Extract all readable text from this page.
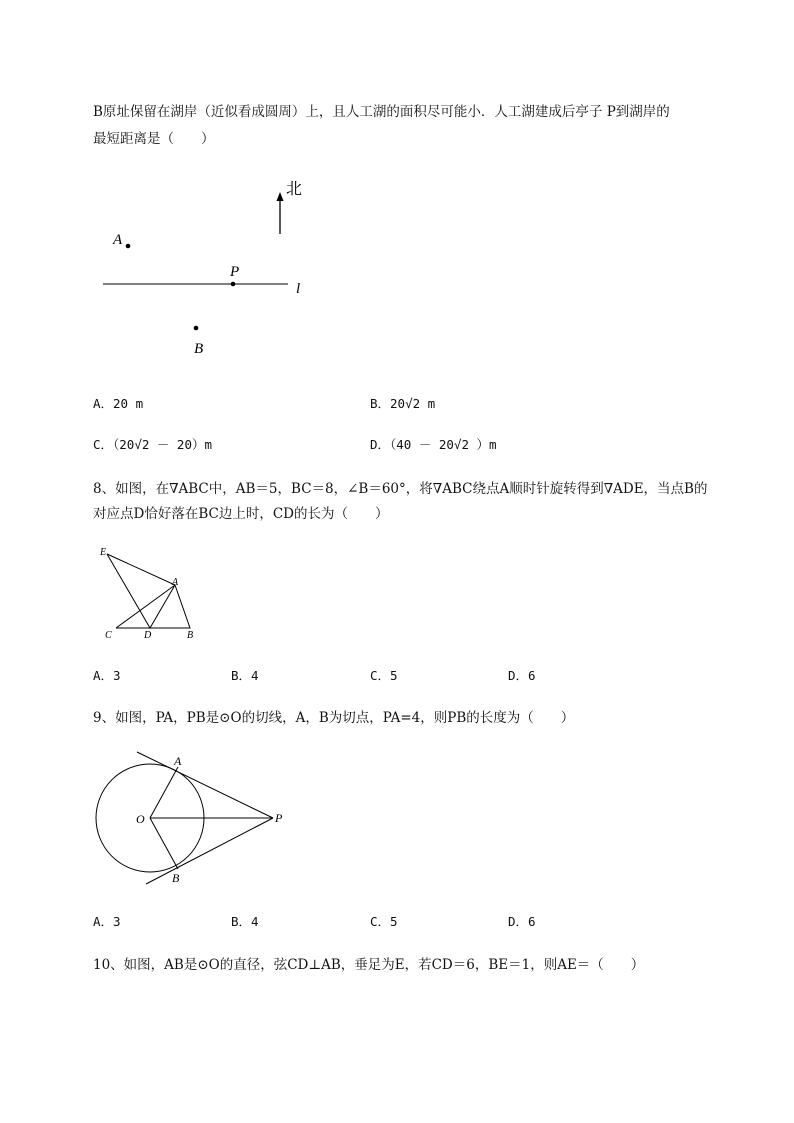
B原址保留在湖岸（近似看成圆周）上，且人工湖的面积尽可能小．人工湖建成后亭子 P到湖岸的
最短距离是（　　）
北
A
P
l
B
A．20 m	B．20√2 m
C．（20√2 － 20）m	D．（40 － 20√2 ）m
8、如图，在∇ABC中，AB＝5，BC＝8，∠B＝60°，将∇ABC绕点A顺时针旋转得到∇ADE，当点B的
对应点D恰好落在BC边上时，CD的长为（　　）
E
A
C	D	B
A．3	B．4	C．5	D．6
9、如图，PA，PB是⊙O的切线，A，B为切点，PA=4，则PB的长度为（　　）
A
O	P
B
A．3	B．4	C．5	D．6
10、如图，AB是⊙O的直径，弦CD⊥AB，垂足为E，若CD＝6，BE＝1，则AE＝（　　）
